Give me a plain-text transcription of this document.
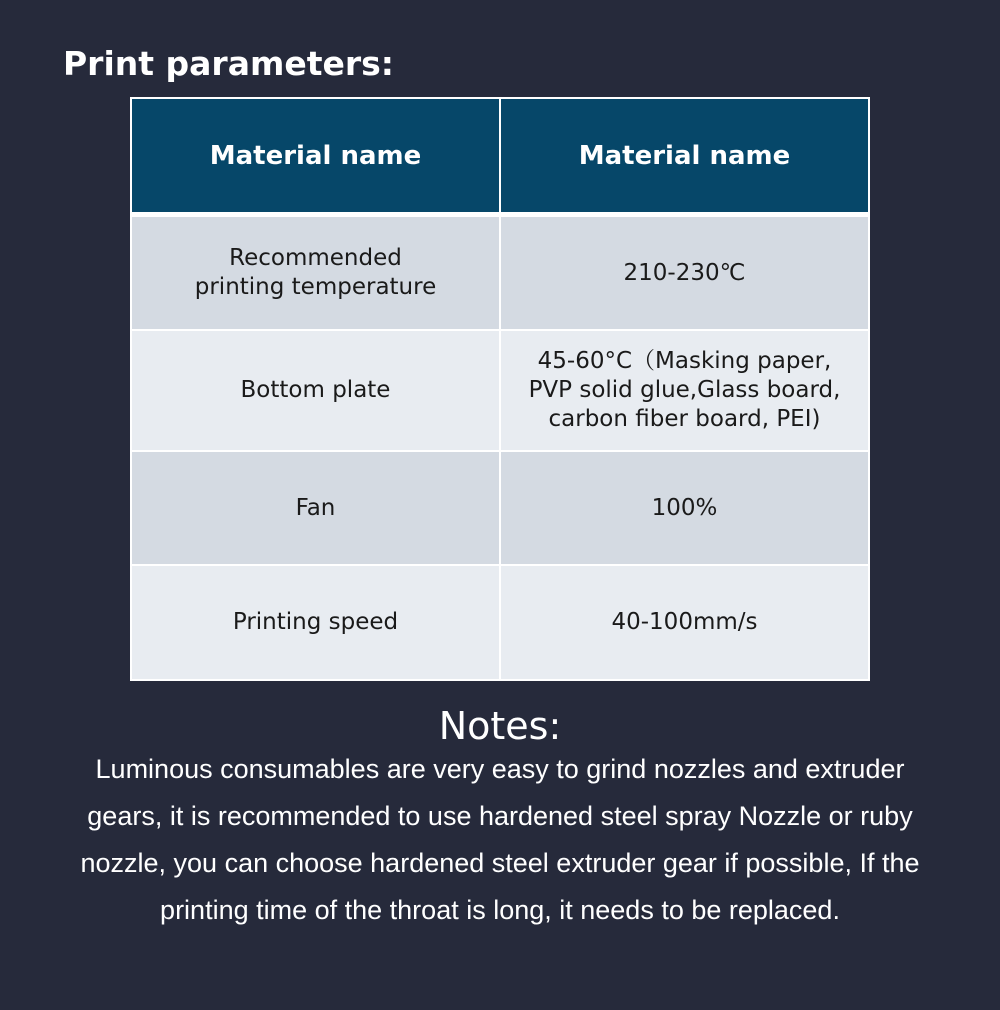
Print parameters:
Material name	Material name
Recommended
printing temperature	210-230℃
Bottom plate	45-60°C（Masking paper,
PVP solid glue,Glass board,
carbon fiber board, PEI)
Fan	100%
Printing speed	40-100mm/s
Notes:

Luminous consumables are very easy to grind nozzles and extruder gears, it is recommended to use hardened steel spray Nozzle or ruby nozzle, you can choose hardened steel extruder gear if possible, If the printing time of the throat is long, it needs to be replaced.
